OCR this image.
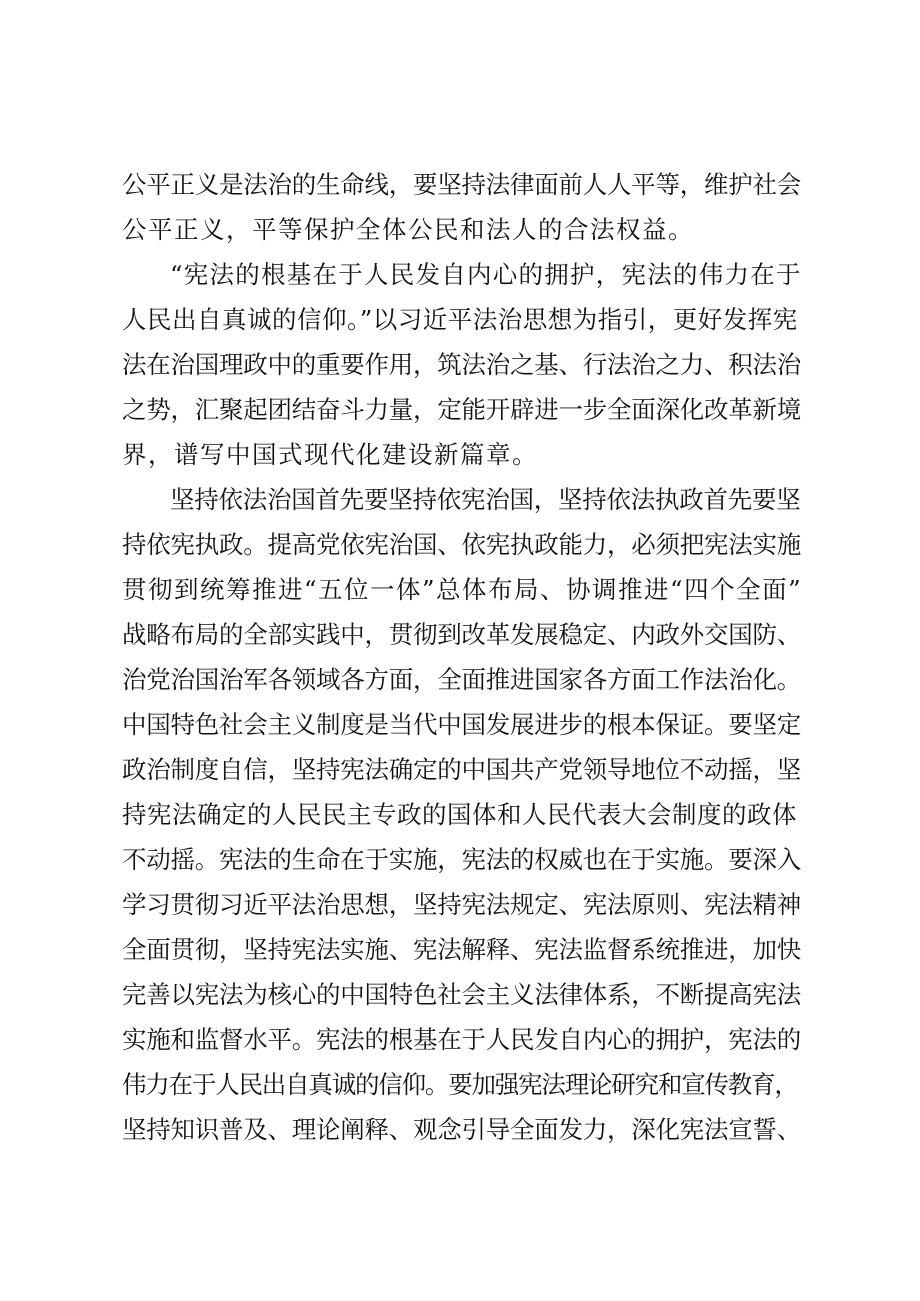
公平正义是法治的生命线，要坚持法律面前人人平等，维护社会
公平正义，平等保护全体公民和法人的合法权益。
“宪法的根基在于人民发自内心的拥护，宪法的伟力在于
人民出自真诚的信仰。”以习近平法治思想为指引，更好发挥宪
法在治国理政中的重要作用，筑法治之基、行法治之力、积法治
之势，汇聚起团结奋斗力量，定能开辟进一步全面深化改革新境
界，谱写中国式现代化建设新篇章。
坚持依法治国首先要坚持依宪治国，坚持依法执政首先要坚
持依宪执政。提高党依宪治国、依宪执政能力，必须把宪法实施
贯彻到统筹推进“五位一体”总体布局、协调推进“四个全面”
战略布局的全部实践中，贯彻到改革发展稳定、内政外交国防、
治党治国治军各领域各方面，全面推进国家各方面工作法治化。
中国特色社会主义制度是当代中国发展进步的根本保证。要坚定
政治制度自信，坚持宪法确定的中国共产党领导地位不动摇，坚
持宪法确定的人民民主专政的国体和人民代表大会制度的政体
不动摇。宪法的生命在于实施，宪法的权威也在于实施。要深入
学习贯彻习近平法治思想，坚持宪法规定、宪法原则、宪法精神
全面贯彻，坚持宪法实施、宪法解释、宪法监督系统推进，加快
完善以宪法为核心的中国特色社会主义法律体系，不断提高宪法
实施和监督水平。宪法的根基在于人民发自内心的拥护，宪法的
伟力在于人民出自真诚的信仰。要加强宪法理论研究和宣传教育，
坚持知识普及、理论阐释、观念引导全面发力，深化宪法宣誓、
